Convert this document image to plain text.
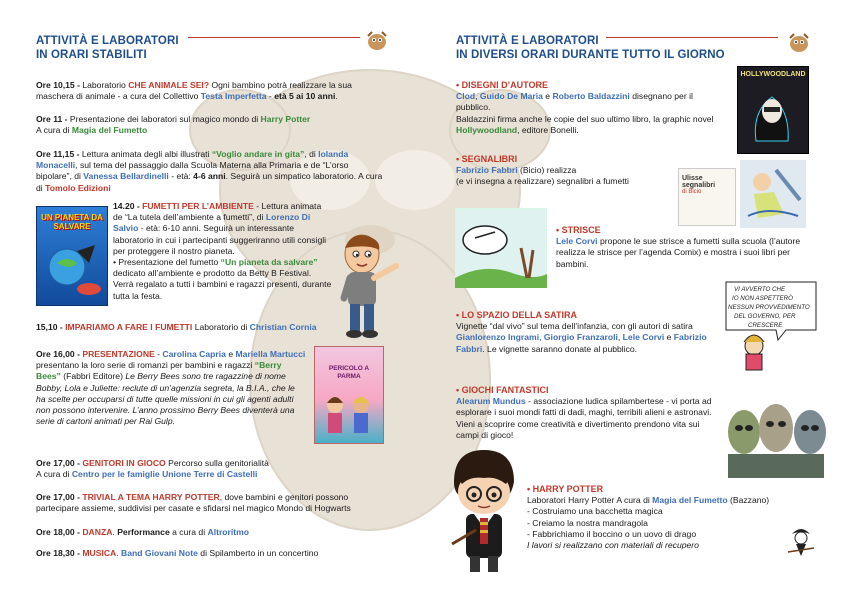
ATTIVITÀ E LABORATORI
IN ORARI STABILITI
Ore 10,15 - Laboratorio CHE ANIMALE SEI? Ogni bambino potrà realizzare la sua maschera di animale - a cura del Collettivo Testa Imperfetta - età 5 ai 10 anni.
Ore 11 - Presentazione dei laboratori sul magico mondo di Harry Potter
A cura di Magia del Fumetto
Ore 11,15 - Lettura animata degli albi illustrati “Voglio andare in gita”, di Iolanda Monacelli, sul tema del passaggio dalla Scuola Materna alla Primaria e de “L’orso bipolare”, di Vanessa Bellardinelli - età: 4-6 anni. Seguirà un simpatico laboratorio. A cura di Tomolo Edizioni
UN PIANETA DA SALVARE
14.20 - FUMETTI PER L’AMBIENTE - Lettura animata de “La tutela dell’ambiente a fumetti”, di Lorenzo Di Salvio - età: 6-10 anni. Seguirà un interessante laboratorio in cui i partecipanti suggeriranno utili consigli per proteggere il nostro pianeta.
• Presentazione del fumetto “Un pianeta da salvare” dedicato all’ambiente e prodotto da Betty B Festival. Verrà regalato a tutti i bambini e ragazzi presenti, durante tutta la festa.
15,10 - IMPARIAMO A FARE I FUMETTI Laboratorio di Christian Cornia
Ore 16,00 - PRESENTAZIONE - Carolina Capria e Mariella Martucci presentano la loro serie di romanzi per bambini e ragazzi “Berry Bees” (Fabbri Editore) Le Berry Bees sono tre ragazzine di nome Bobby, Lola e Juliette: reclute di un’agenzia segreta, la B.I.A., che le ha scelte per occuparsi di tutte quelle missioni in cui gli agenti adulti non possono intervenire. L’anno prossimo Berry Bees diventerà una serie di cartoni animati per Rai Gulp.
PERICOLO A PARMA
Ore 17,00 - GENITORI IN GIOCO Percorso sulla genitorialità
A cura di Centro per le famiglie Unione Terre di Castelli
Ore 17,00 - TRIVIAL A TEMA HARRY POTTER, dove bambini e genitori possono partecipare assieme, suddivisi per casate e sfidarsi nel magico Mondo di Hogwarts
Ore 18,00 - DANZA. Performance a cura di Altroritmo
Ore 18,30 - MUSICA. Band Giovani Note di Spilamberto in un concertino
ATTIVITÀ E LABORATORI
IN DIVERSI ORARI DURANTE TUTTO IL GIORNO
• DISEGNI D’AUTORE
Clod, Guido De Maria e Roberto Baldazzini disegnano per il pubblico.
Baldazzini firma anche le copie del suo ultimo libro, la graphic novel Hollywoodland, editore Bonelli.
HOLLYWOODLAND
• SEGNALIBRI
Fabrizio Fabbri (Bicio) realizza
(e vi insegna a realizzare) segnalibri a fumetti	Ulisse segnalibri
di Bicio
• STRISCE
Lele Corvi propone le sue strisce a fumetti sulla scuola (l’autore realizza le strisce per l’agenda Comix) e mostra i suoi libri per bambini.
VI AVVERTO CHE
IO NON ASPETTERÒ
NESSUN PROVVEDIMENTO
DEL GOVERNO, PER
CRESCERE
• LO SPAZIO DELLA SATIRA
Vignette “dal vivo” sul tema dell’infanzia, con gli autori di satira Gianlorenzo Ingrami, Giorgio Franzaroli, Lele Corvi e Fabrizio Fabbri. Le vignette saranno donate al pubblico.
• GIOCHI FANTASTICI
Alearum Mundus - associazione ludica spilambertese - vi porta ad esplorare i suoi mondi fatti di dadi, maghi, terribili alieni e astronavi. Vieni a scoprire come creatività e divertimento prendono vita sui campi di gioco!
• HARRY POTTER
Laboratori Harry Potter A cura di Magia del Fumetto (Bazzano)
- Costruiamo una bacchetta magica
- Creiamo la nostra mandragola
- Fabbrichiamo il boccino o un uovo di drago
I lavori si realizzano con materiali di recupero
